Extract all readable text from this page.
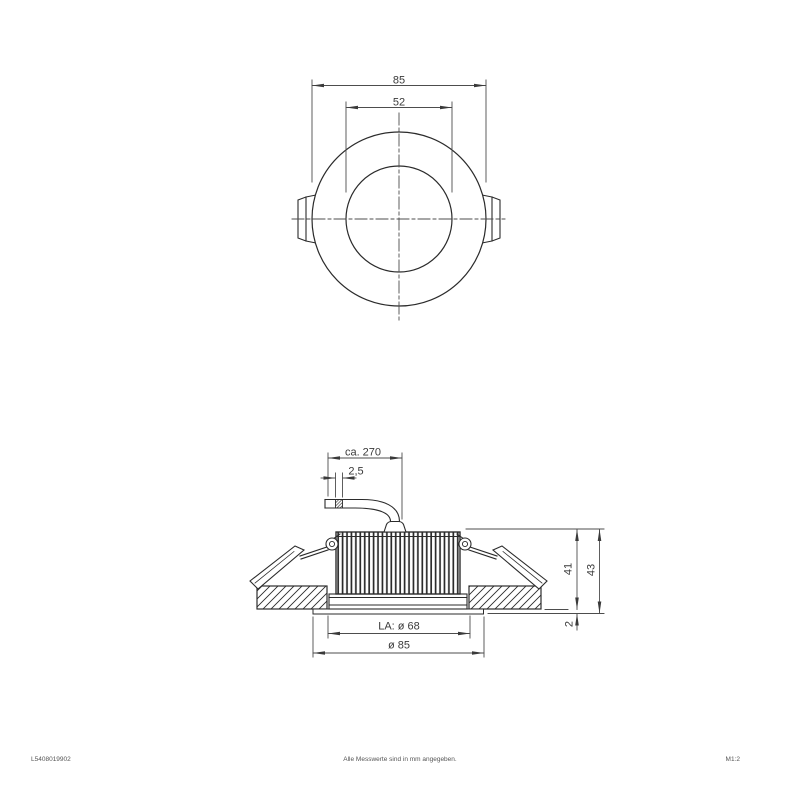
85
52
ca. 270
2,5
41 43
2
LA: ø 68
ø 85
L5408019902	Alle Messwerte sind in mm angegeben.	M1:2
